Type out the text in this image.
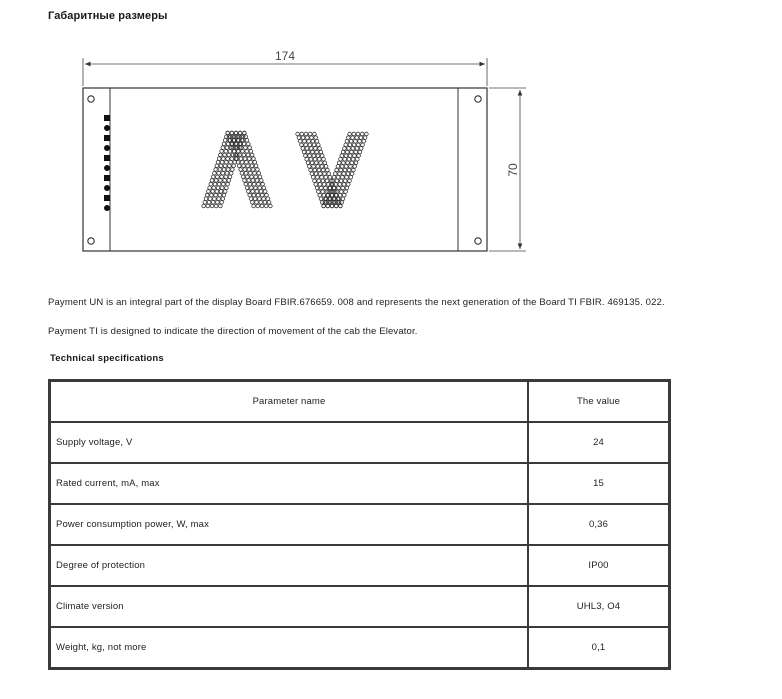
Габаритные размеры
174
70
Payment UN is an integral part of the display Board FBIR.676659. 008 and represents the next generation of the Board TI FBIR. 469135. 022.
Payment TI is designed to indicate the direction of movement of the cab the Elevator.
Technical specifications
Parameter name	The value
Supply voltage, V	24
Rated current, mA, max	15
Power consumption power, W, max	0,36
Degree of protection	IP00
Climate version	UHL3, O4
Weight, kg, not more	0,1
